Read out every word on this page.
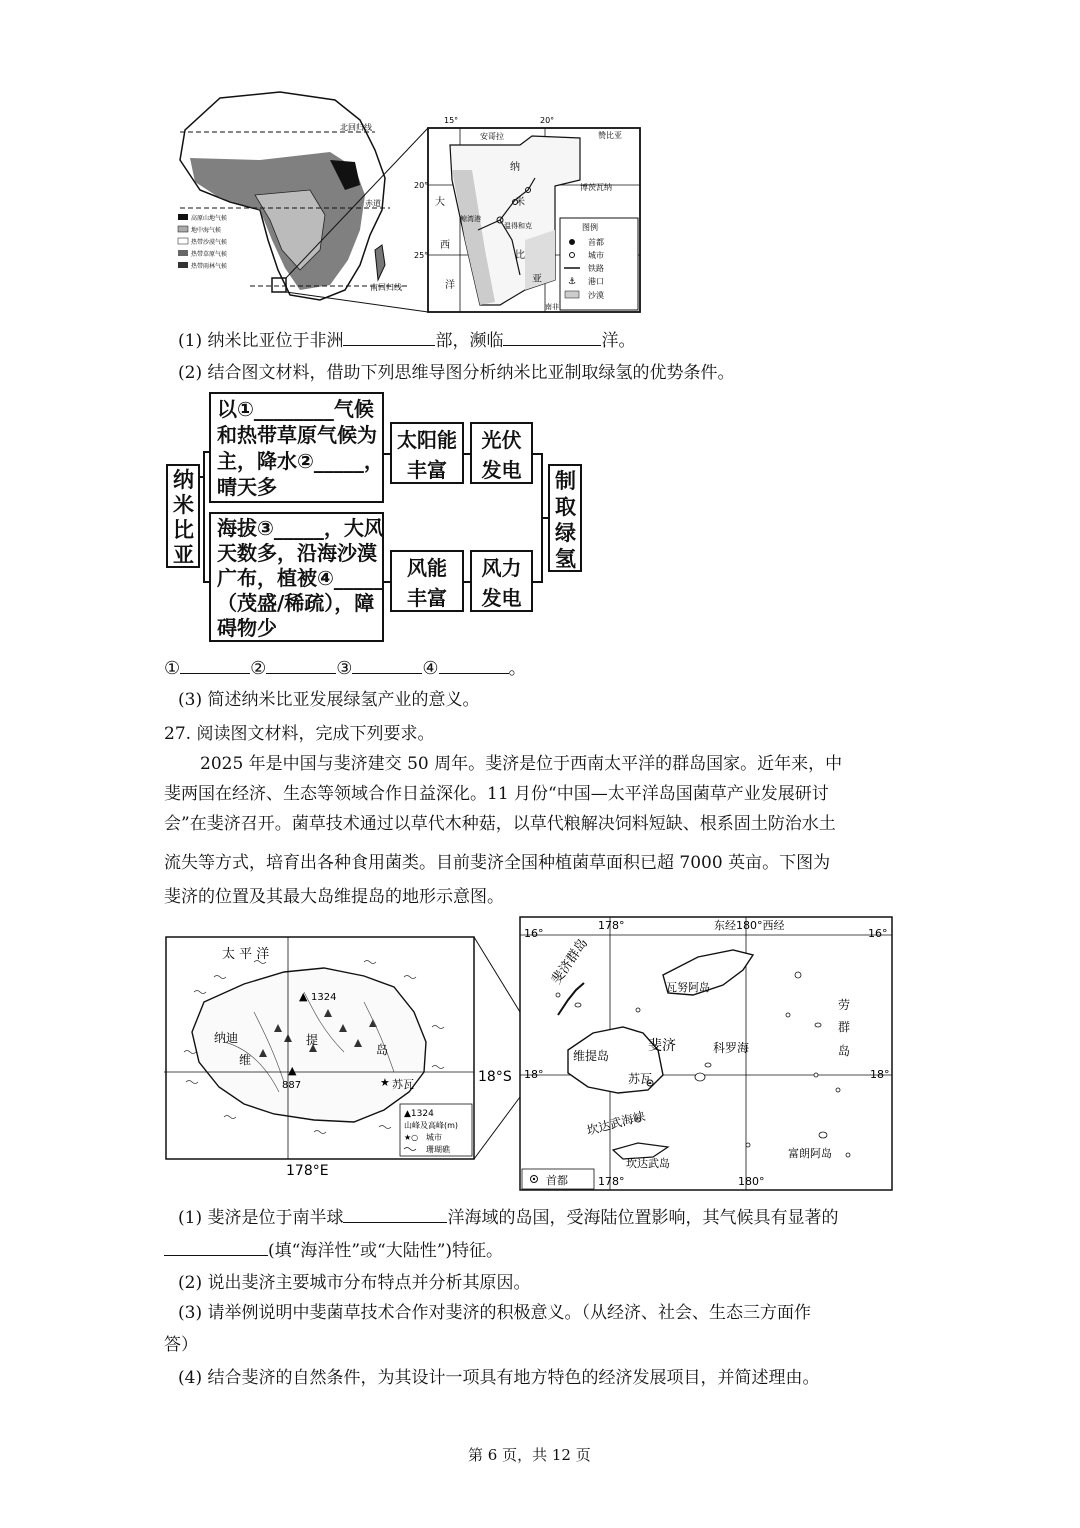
北回归线
赤道
南回归线
高原山地气候
地中海气候
热带沙漠气候
热带草原气候
热带雨林气候
15°	20°
20°
25°
安哥拉	赞比亚
博茨瓦纳
纳
米
比
亚
大
西
洋
鲸湾港
温得和克
南非
图例
⚓
首都
城市
铁路
港口
沙漠
(1) 纳米比亚位于非洲	部，濒临	洋。
(2) 结合图文材料，借助下列思维导图分析纳米比亚制取绿氢的优势条件。
纳米比亚
以①________气候
和热带草原气候为
主，降水②_____，
晴天多
海拔③_____，大风
天数多，沿海沙漠
广布，植被④_____
（茂盛/稀疏），障
碍物少
太阳能
丰富
光伏
发电
风能
丰富
风力
发电
制取绿氢
①	②	③	④	。
(3) 简述纳米比亚发展绿氢产业的意义。
27. 阅读图文材料，完成下列要求。
2025 年是中国与斐济建交 50 周年。斐济是位于西南太平洋的群岛国家。近年来，中
斐两国在经济、生态等领域合作日益深化。11 月份“中国—太平洋岛国菌草产业发展研讨
会”在斐济召开。菌草技术通过以草代木种菇，以草代粮解决饲料短缺、根系固土防治水土
流失等方式，培育出各种食用菌类。目前斐济全国种植菌草面积已超 7000 英亩。下图为
斐济的位置及其最大岛维提岛的地形示意图。
▲ 1324
▲
887
太 平 洋
纳迪
维
提
岛
★ 苏瓦	18°S
178°E
▲1324
山峰及高峰(m)
★○ 城市
珊瑚礁
178°	东经180°西经
16°	16°
18°	18°
178°	180°
斐济群岛
瓦努阿岛
斐济	科罗海
维提岛
苏瓦
坎达武海峡
坎达武岛
劳
群
岛
富朗阿岛
首都
(1) 斐济是位于南半球	洋海域的岛国，受海陆位置影响，其气候具有显著的
(填“海洋性”或“大陆性”)特征。
(2) 说出斐济主要城市分布特点并分析其原因。
(3) 请举例说明中斐菌草技术合作对斐济的积极意义。（从经济、社会、生态三方面作
答）
(4) 结合斐济的自然条件，为其设计一项具有地方特色的经济发展项目，并简述理由。
第 6 页，共 12 页
